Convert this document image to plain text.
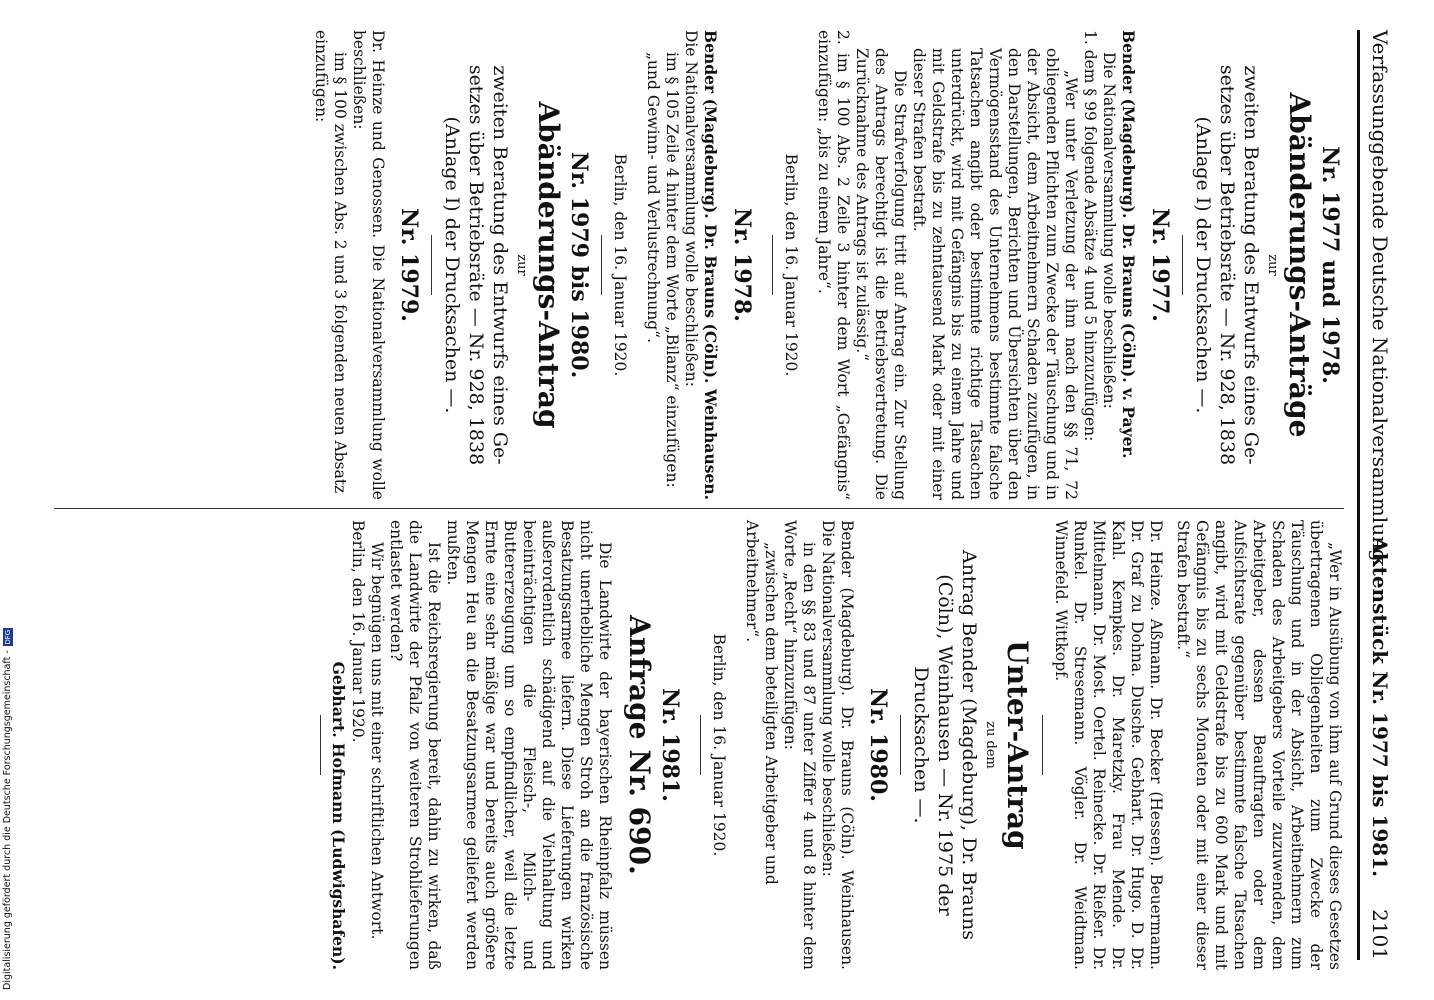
Verfassunggebende Deutsche Nationalversammlung.
Aktenstück Nr. 1977 bis 1981.2101
Nr. 1977 und 1978.
Abänderungs-Anträge
zur
zweiten Beratung des Entwurfs eines Ge-
setzes über Betriebsräte — Nr. 928, 1838
(Anlage I) der Drucksachen —.
Nr. 1977.
Bender (Magdeburg). Dr. Brauns (Cöln). v. Payer.
Die Nationalversammlung wolle beschließen:
1. dem § 99 folgende Absätze 4 und 5 hinzuzufügen:
„Wer unter Verletzung der ihm nach den §§ 71, 72 obliegenden Pflichten zum Zwecke der Täuschung und in der Absicht, dem Arbeitnehmern Schaden zuzufügen, in den Darstellungen, Berichten und Übersichten über den Vermögensstand des Unternehmens bestimmte falsche Tatsachen angibt oder bestimmte richtige Tatsachen unterdrückt, wird mit Gefängnis bis zu einem Jahre und mit Geldstrafe bis zu zehntausend Mark oder mit einer dieser Strafen bestraft.
Die Strafverfolgung tritt auf Antrag ein. Zur Stellung des Antrags berechtigt ist die Betriebsvertretung. Die Zurücknahme des Antrags ist zulässig.“
2. im § 100 Abs. 2 Zeile 3 hinter dem Wort „Gefängnis“ einzufügen: „bis zu einem Jahre“.
Berlin, den 16. Januar 1920.
Nr. 1978.
Bender (Magdeburg). Dr. Brauns (Cöln). Weinhausen. Die Nationalversammlung wolle beschließen:
im § 105 Zeile 4 hinter dem Worte „Bilanz“ einzufügen:
„und Gewinn- und Verlustrechnung“.
Berlin, den 16. Januar 1920.
Nr. 1979 bis 1980.
Abänderungs-Antrag
zur
zweiten Beratung des Entwurfs eines Ge-
setzes über Betriebsräte — Nr. 928, 1838
(Anlage I) der Drucksachen —.
Nr. 1979.
Dr. Heinze und Genossen. Die Nationalversammlung wolle beschließen:
im § 100 zwischen Abs. 2 und 3 folgenden neuen Absatz einzufügen:
„Wer in Ausübung von ihm auf Grund dieses Gesetzes übertragenen Obliegenheiten zum Zwecke der Täuschung und in der Absicht, Arbeitnehmern zum Schaden des Arbeitgebers Vorteile zuzuwenden, dem Arbeitgeber, dessen Beauftragten oder dem Aufsichtsrate gegenüber bestimmte falsche Tatsachen angibt, wird mit Geldstrafe bis zu 600 Mark und mit Gefängnis bis zu sechs Monaten oder mit einer dieser Strafen bestraft.“
Dr. Heinze. Aßmann. Dr. Becker (Hessen). Beuermann. Dr. Graf zu Dohna. Dusche. Gebhart. Dr. Hugo. D. Dr. Kahl. Kempkes. Dr. Maretzky. Frau Mende. Dr. Mittelmann. Dr. Most. Oertel. Reinecke. Dr. Rießer. Dr. Runkel. Dr. Stresemann. Vögler. Dr. Weidtman. Winnefeld. Wittkopf.
Unter-Antrag
zu dem
Antrag Bender (Magdeburg), Dr. Brauns
(Cöln), Weinhausen — Nr. 1975 der
Drucksachen —.
Nr. 1980.
Bender (Magdeburg). Dr. Brauns (Cöln). Weinhausen. Die Nationalversammlung wolle beschließen:
in den §§ 83 und 87 unter Ziffer 4 und 8 hinter dem Worte „Recht“ hinzuzufügen:
„zwischen dem beteiligten Arbeitgeber und Arbeitnehmer“.
Berlin, den 16. Januar 1920.
Nr. 1981.
Anfrage Nr. 690.
Die Landwirte der bayerischen Rheinpfalz müssen nicht unerhebliche Mengen Stroh an die französische Besatzungsarmee liefern. Diese Lieferungen wirken außerordentlich schädigend auf die Viehhaltung und beeinträchtigen die Fleisch-, Milch- und Buttererzeugung um so empfindlicher, weil die letzte Ernte eine sehr mäßige war und bereits auch größere Mengen Heu an die Besatzungsarmee geliefert werden mußten.
Ist die Reichsregierung bereit, dahin zu wirken, daß die Landwirte der Pfalz von weiteren Strohlieferungen entlastet werden?
Wir begnügen uns mit einer schriftlichen Antwort.
Berlin, den 16. Januar 1920.
Gebhart. Hofmann (Ludwigshafen).
Digitalisierung gefördert durch die Deutsche Forschungsgemeinschaft -DFG
